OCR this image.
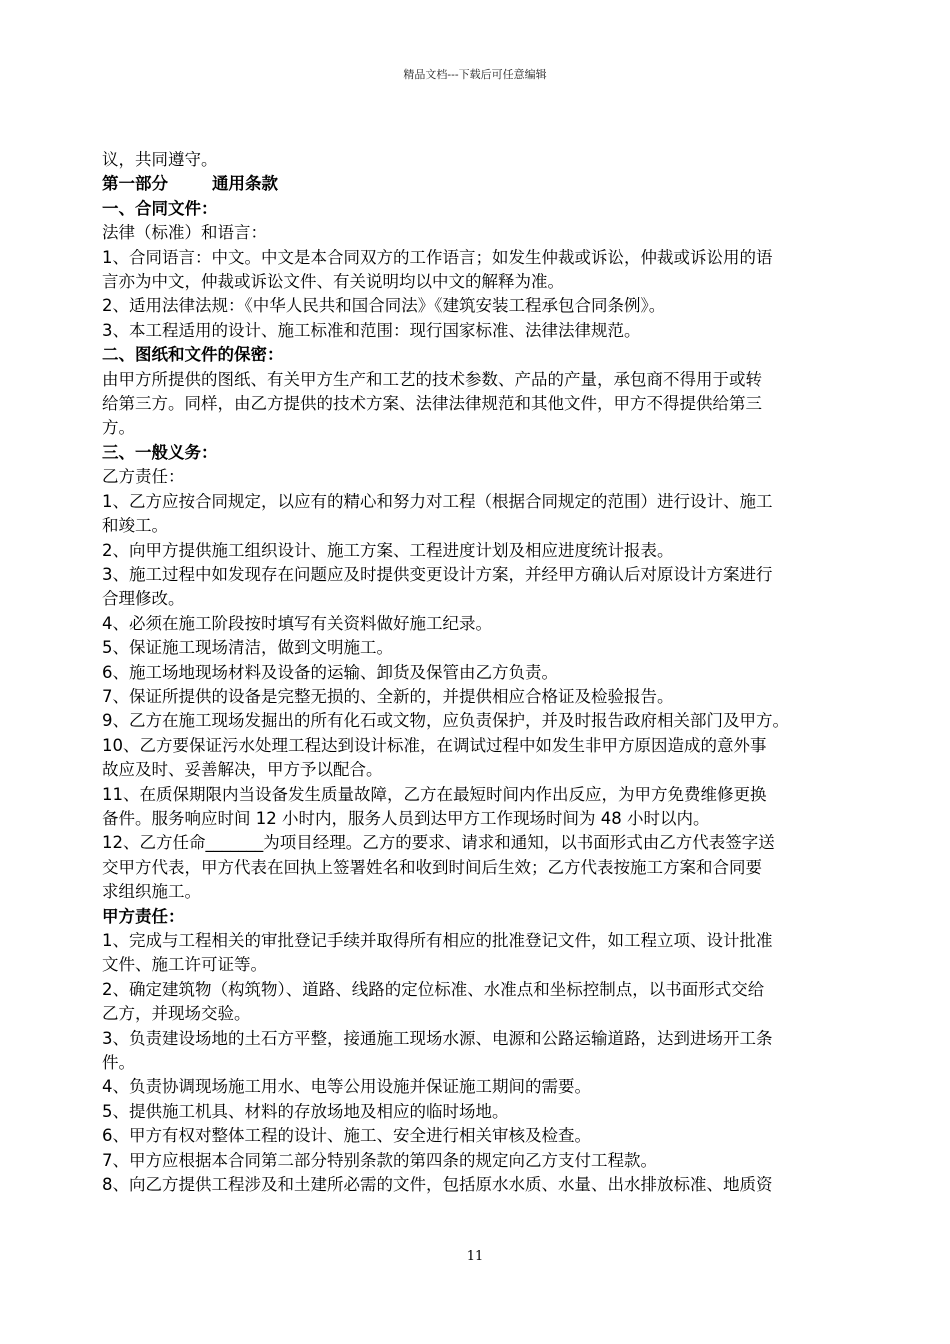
精品文档---下载后可任意编辑
议，共同遵守。
第一部分	通用条款
一、合同文件：
法律（标准）和语言：
1、合同语言：中文。中文是本合同双方的工作语言；如发生仲裁或诉讼，仲裁或诉讼用的语
言亦为中文，仲裁或诉讼文件、有关说明均以中文的解释为准。
2、适用法律法规：《中华人民共和国合同法》《建筑安装工程承包合同条例》。
3、本工程适用的设计、施工标准和范围：现行国家标准、法律法律规范。
二、图纸和文件的保密：
由甲方所提供的图纸、有关甲方生产和工艺的技术参数、产品的产量，承包商不得用于或转
给第三方。同样，由乙方提供的技术方案、法律法律规范和其他文件，甲方不得提供给第三
方。
三、一般义务：
乙方责任：
1、乙方应按合同规定，以应有的精心和努力对工程（根据合同规定的范围）进行设计、施工
和竣工。
2、向甲方提供施工组织设计、施工方案、工程进度计划及相应进度统计报表。
3、施工过程中如发现存在问题应及时提供变更设计方案，并经甲方确认后对原设计方案进行
合理修改。
4、必须在施工阶段按时填写有关资料做好施工纪录。
5、保证施工现场清洁，做到文明施工。
6、施工场地现场材料及设备的运输、卸货及保管由乙方负责。
7、保证所提供的设备是完整无损的、全新的，并提供相应合格证及检验报告。
9、乙方在施工现场发掘出的所有化石或文物，应负责保护，并及时报告政府相关部门及甲方。
10、乙方要保证污水处理工程达到设计标准，在调试过程中如发生非甲方原因造成的意外事
故应及时、妥善解决，甲方予以配合。
11、在质保期限内当设备发生质量故障，乙方在最短时间内作出反应，为甲方免费维修更换
备件。服务响应时间 12 小时内，服务人员到达甲方工作现场时间为 48 小时以内。
12、乙方任命_______为项目经理。乙方的要求、请求和通知，以书面形式由乙方代表签字送
交甲方代表，甲方代表在回执上签署姓名和收到时间后生效；乙方代表按施工方案和合同要
求组织施工。
甲方责任：
1、完成与工程相关的审批登记手续并取得所有相应的批准登记文件，如工程立项、设计批准
文件、施工许可证等。
2、确定建筑物（构筑物）、道路、线路的定位标准、水准点和坐标控制点，以书面形式交给
乙方，并现场交验。
3、负责建设场地的土石方平整，接通施工现场水源、电源和公路运输道路，达到进场开工条
件。
4、负责协调现场施工用水、电等公用设施并保证施工期间的需要。
5、提供施工机具、材料的存放场地及相应的临时场地。
6、甲方有权对整体工程的设计、施工、安全进行相关审核及检查。
7、甲方应根据本合同第二部分特别条款的第四条的规定向乙方支付工程款。
8、向乙方提供工程涉及和土建所必需的文件，包括原水水质、水量、出水排放标准、地质资
11
